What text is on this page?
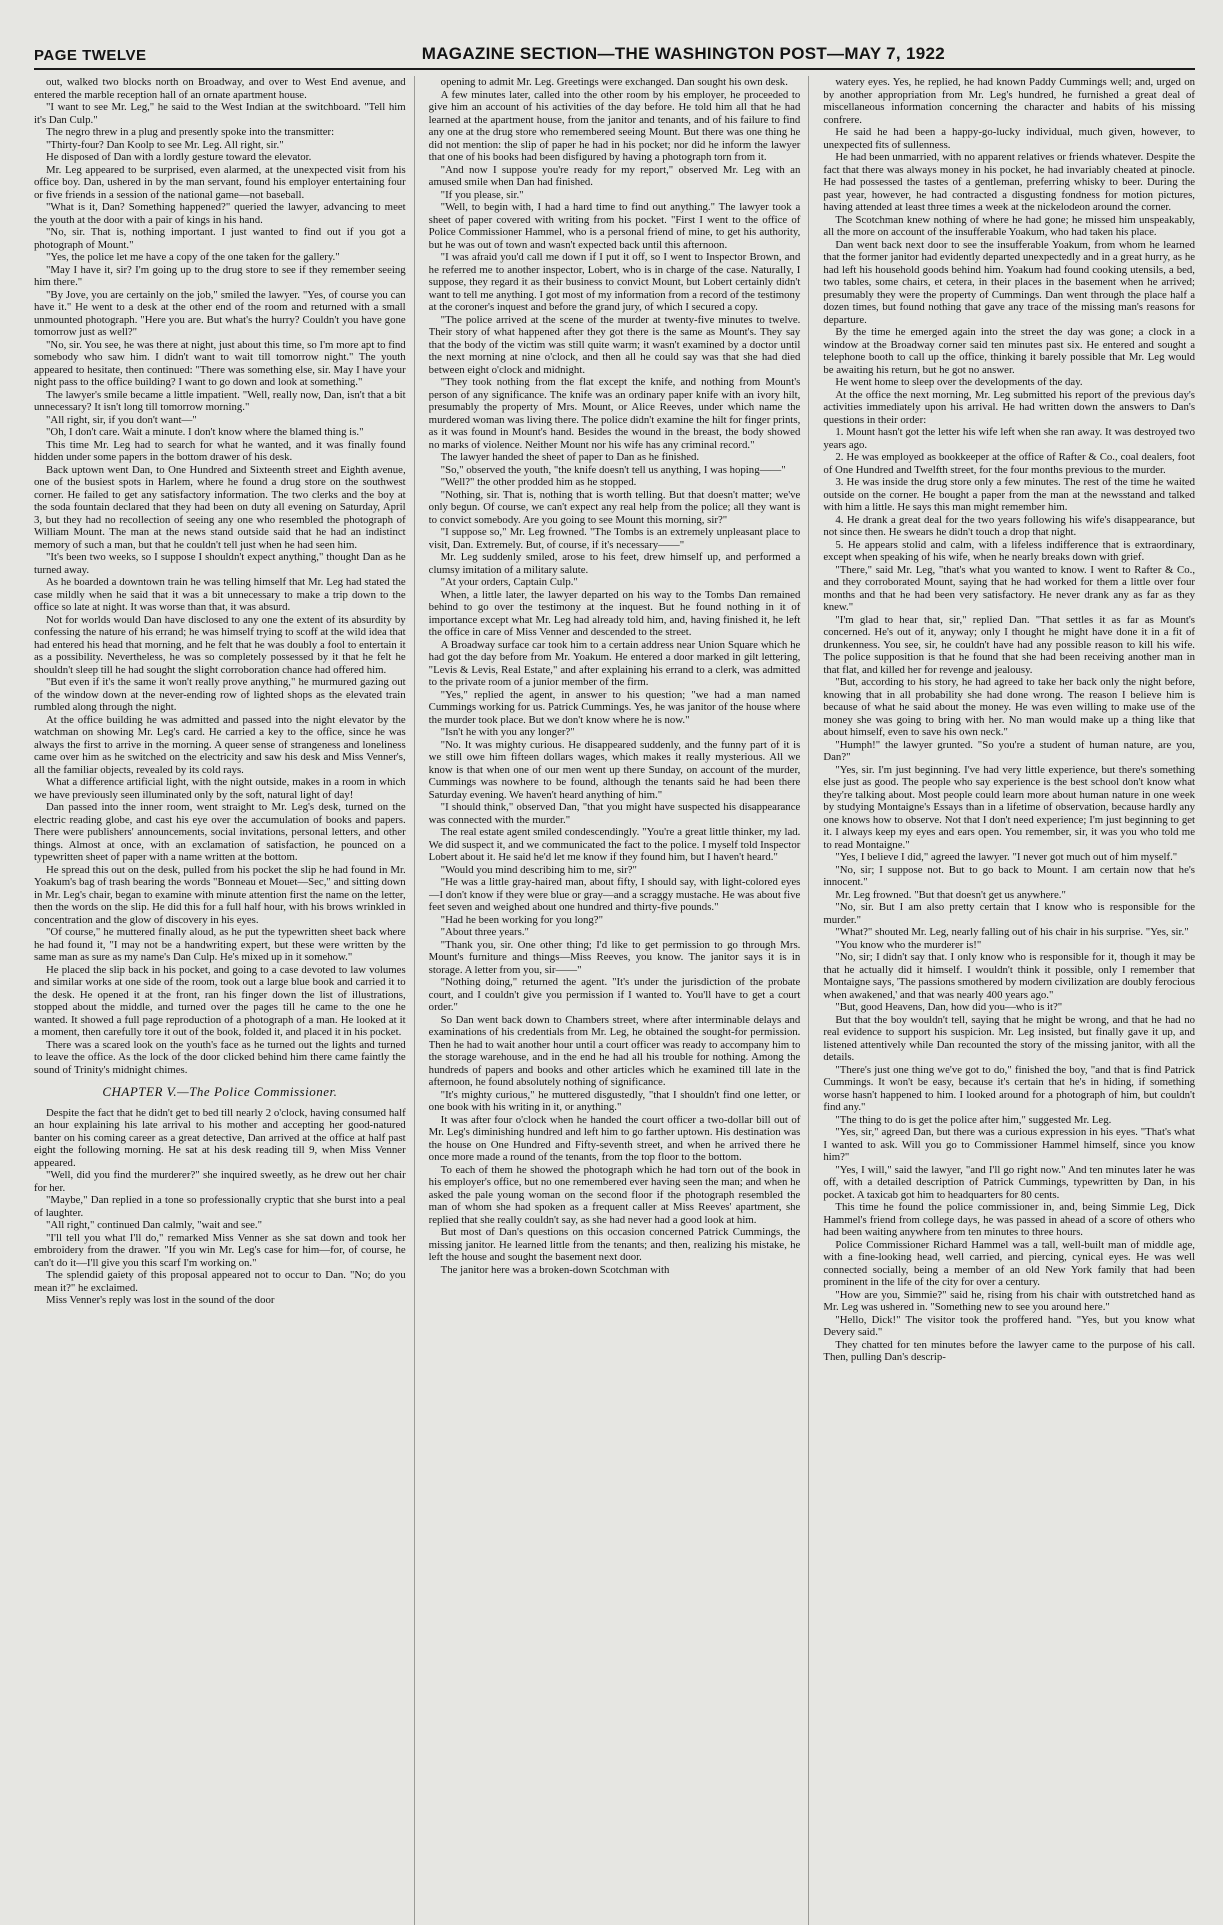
PAGE TWELVE	MAGAZINE SECTION—THE WASHINGTON POST—MAY 7, 1922

out, walked two blocks north on Broadway, and over to West End avenue, and entered the marble reception hall of an ornate apartment house.

"I want to see Mr. Leg," he said to the West Indian at the switchboard. "Tell him it's Dan Culp."

The negro threw in a plug and presently spoke into the transmitter:

"Thirty-four? Dan Koolp to see Mr. Leg. All right, sir."

He disposed of Dan with a lordly gesture toward the elevator.

Mr. Leg appeared to be surprised, even alarmed, at the unexpected visit from his office boy. Dan, ushered in by the man servant, found his employer entertaining four or five friends in a session of the national game—not baseball.

"What is it, Dan? Something happened?" queried the lawyer, advancing to meet the youth at the door with a pair of kings in his hand.

"No, sir. That is, nothing important. I just wanted to find out if you got a photograph of Mount."

"Yes, the police let me have a copy of the one taken for the gallery."

"May I have it, sir? I'm going up to the drug store to see if they remember seeing him there."

"By Jove, you are certainly on the job," smiled the lawyer. "Yes, of course you can have it." He went to a desk at the other end of the room and returned with a small unmounted photograph. "Here you are. But what's the hurry? Couldn't you have gone tomorrow just as well?"

"No, sir. You see, he was there at night, just about this time, so I'm more apt to find somebody who saw him. I didn't want to wait till tomorrow night." The youth appeared to hesitate, then continued: "There was something else, sir. May I have your night pass to the office building? I want to go down and look at something."

The lawyer's smile became a little impatient. "Well, really now, Dan, isn't that a bit unnecessary? It isn't long till tomorrow morning."

"All right, sir, if you don't want—"

"Oh, I don't care. Wait a minute. I don't know where the blamed thing is."

This time Mr. Leg had to search for what he wanted, and it was finally found hidden under some papers in the bottom drawer of his desk.

Back uptown went Dan, to One Hundred and Sixteenth street and Eighth avenue, one of the busiest spots in Harlem, where he found a drug store on the southwest corner. He failed to get any satisfactory information. The two clerks and the boy at the soda fountain declared that they had been on duty all evening on Saturday, April 3, but they had no recollection of seeing any one who resembled the photograph of William Mount. The man at the news stand outside said that he had an indistinct memory of such a man, but that he couldn't tell just when he had seen him.

"It's been two weeks, so I suppose I shouldn't expect anything," thought Dan as he turned away.

As he boarded a downtown train he was telling himself that Mr. Leg had stated the case mildly when he said that it was a bit unnecessary to make a trip down to the office so late at night. It was worse than that, it was absurd.

Not for worlds would Dan have disclosed to any one the extent of its absurdity by confessing the nature of his errand; he was himself trying to scoff at the wild idea that had entered his head that morning, and he felt that he was doubly a fool to entertain it as a possibility. Nevertheless, he was so completely possessed by it that he felt he shouldn't sleep till he had sought the slight corroboration chance had offered him.

"But even if it's the same it won't really prove anything," he murmured gazing out of the window down at the never-ending row of lighted shops as the elevated train rumbled along through the night.

At the office building he was admitted and passed into the night elevator by the watchman on showing Mr. Leg's card. He carried a key to the office, since he was always the first to arrive in the morning. A queer sense of strangeness and loneliness came over him as he switched on the electricity and saw his desk and Miss Venner's, all the familiar objects, revealed by its cold rays.

What a difference artificial light, with the night outside, makes in a room in which we have previously seen illuminated only by the soft, natural light of day!

Dan passed into the inner room, went straight to Mr. Leg's desk, turned on the electric reading globe, and cast his eye over the accumulation of books and papers. There were publishers' announcements, social invitations, personal letters, and other things. Almost at once, with an exclamation of satisfaction, he pounced on a typewritten sheet of paper with a name written at the bottom.

He spread this out on the desk, pulled from his pocket the slip he had found in Mr. Yoakum's bag of trash bearing the words "Bonneau et Mouet—Sec," and sitting down in Mr. Leg's chair, began to examine with minute attention first the name on the letter, then the words on the slip. He did this for a full half hour, with his brows wrinkled in concentration and the glow of discovery in his eyes.

"Of course," he muttered finally aloud, as he put the typewritten sheet back where he had found it, "I may not be a handwriting expert, but these were written by the same man as sure as my name's Dan Culp. He's mixed up in it somehow."

He placed the slip back in his pocket, and going to a case devoted to law volumes and similar works at one side of the room, took out a large blue book and carried it to the desk. He opened it at the front, ran his finger down the list of illustrations, stopped about the middle, and turned over the pages till he came to the one he wanted. It showed a full page reproduction of a photograph of a man. He looked at it a moment, then carefully tore it out of the book, folded it, and placed it in his pocket.

There was a scared look on the youth's face as he turned out the lights and turned to leave the office. As the lock of the door clicked behind him there came faintly the sound of Trinity's midnight chimes.

CHAPTER V.—The Police Commissioner.

Despite the fact that he didn't get to bed till nearly 2 o'clock, having consumed half an hour explaining his late arrival to his mother and accepting her good-natured banter on his coming career as a great detective, Dan arrived at the office at half past eight the following morning. He sat at his desk reading till 9, when Miss Venner appeared.

"Well, did you find the murderer?" she inquired sweetly, as he drew out her chair for her.

"Maybe," Dan replied in a tone so professionally cryptic that she burst into a peal of laughter.

"All right," continued Dan calmly, "wait and see."

"I'll tell you what I'll do," remarked Miss Venner as she sat down and took her embroidery from the drawer. "If you win Mr. Leg's case for him—for, of course, he can't do it—I'll give you this scarf I'm working on."

The splendid gaiety of this proposal appeared not to occur to Dan. "No; do you mean it?" he exclaimed.

Miss Venner's reply was lost in the sound of the door

opening to admit Mr. Leg. Greetings were exchanged. Dan sought his own desk.

A few minutes later, called into the other room by his employer, he proceeded to give him an account of his activities of the day before. He told him all that he had learned at the apartment house, from the janitor and tenants, and of his failure to find any one at the drug store who remembered seeing Mount. But there was one thing he did not mention: the slip of paper he had in his pocket; nor did he inform the lawyer that one of his books had been disfigured by having a photograph torn from it.

"And now I suppose you're ready for my report," observed Mr. Leg with an amused smile when Dan had finished.

"If you please, sir."

"Well, to begin with, I had a hard time to find out anything." The lawyer took a sheet of paper covered with writing from his pocket. "First I went to the office of Police Commissioner Hammel, who is a personal friend of mine, to get his authority, but he was out of town and wasn't expected back until this afternoon.

"I was afraid you'd call me down if I put it off, so I went to Inspector Brown, and he referred me to another inspector, Lobert, who is in charge of the case. Naturally, I suppose, they regard it as their business to convict Mount, but Lobert certainly didn't want to tell me anything. I got most of my information from a record of the testimony at the coroner's inquest and before the grand jury, of which I secured a copy.

"The police arrived at the scene of the murder at twenty-five minutes to twelve. Their story of what happened after they got there is the same as Mount's. They say that the body of the victim was still quite warm; it wasn't examined by a doctor until the next morning at nine o'clock, and then all he could say was that she had died between eight o'clock and midnight.

"They took nothing from the flat except the knife, and nothing from Mount's person of any significance. The knife was an ordinary paper knife with an ivory hilt, presumably the property of Mrs. Mount, or Alice Reeves, under which name the murdered woman was living there. The police didn't examine the hilt for finger prints, as it was found in Mount's hand. Besides the wound in the breast, the body showed no marks of violence. Neither Mount nor his wife has any criminal record."

The lawyer handed the sheet of paper to Dan as he finished.

"So," observed the youth, "the knife doesn't tell us anything, I was hoping——"

"Well?" the other prodded him as he stopped.

"Nothing, sir. That is, nothing that is worth telling. But that doesn't matter; we've only begun. Of course, we can't expect any real help from the police; all they want is to convict somebody. Are you going to see Mount this morning, sir?"

"I suppose so," Mr. Leg frowned. "The Tombs is an extremely unpleasant place to visit, Dan. Extremely. But, of course, if it's necessary——"

Mr. Leg suddenly smiled, arose to his feet, drew himself up, and performed a clumsy imitation of a military salute.

"At your orders, Captain Culp."

When, a little later, the lawyer departed on his way to the Tombs Dan remained behind to go over the testimony at the inquest. But he found nothing in it of importance except what Mr. Leg had already told him, and, having finished it, he left the office in care of Miss Venner and descended to the street.

A Broadway surface car took him to a certain address near Union Square which he had got the day before from Mr. Yoakum. He entered a door marked in gilt lettering, "Levis & Levis, Real Estate," and after explaining his errand to a clerk, was admitted to the private room of a junior member of the firm.

"Yes," replied the agent, in answer to his question; "we had a man named Cummings working for us. Patrick Cummings. Yes, he was janitor of the house where the murder took place. But we don't know where he is now."

"Isn't he with you any longer?"

"No. It was mighty curious. He disappeared suddenly, and the funny part of it is we still owe him fifteen dollars wages, which makes it really mysterious. All we know is that when one of our men went up there Sunday, on account of the murder, Cummings was nowhere to be found, although the tenants said he had been there Saturday evening. We haven't heard anything of him."

"I should think," observed Dan, "that you might have suspected his disappearance was connected with the murder."

The real estate agent smiled condescendingly. "You're a great little thinker, my lad. We did suspect it, and we communicated the fact to the police. I myself told Inspector Lobert about it. He said he'd let me know if they found him, but I haven't heard."

"Would you mind describing him to me, sir?"

"He was a little gray-haired man, about fifty, I should say, with light-colored eyes—I don't know if they were blue or gray—and a scraggy mustache. He was about five feet seven and weighed about one hundred and thirty-five pounds."

"Had he been working for you long?"

"About three years."

"Thank you, sir. One other thing; I'd like to get permission to go through Mrs. Mount's furniture and things—Miss Reeves, you know. The janitor says it is in storage. A letter from you, sir——"

"Nothing doing," returned the agent. "It's under the jurisdiction of the probate court, and I couldn't give you permission if I wanted to. You'll have to get a court order."

So Dan went back down to Chambers street, where after interminable delays and examinations of his credentials from Mr. Leg, he obtained the sought-for permission. Then he had to wait another hour until a court officer was ready to accompany him to the storage warehouse, and in the end he had all his trouble for nothing. Among the hundreds of papers and books and other articles which he examined till late in the afternoon, he found absolutely nothing of significance.

"It's mighty curious," he muttered disgustedly, "that I shouldn't find one letter, or one book with his writing in it, or anything."

It was after four o'clock when he handed the court officer a two-dollar bill out of Mr. Leg's diminishing hundred and left him to go farther uptown. His destination was the house on One Hundred and Fifty-seventh street, and when he arrived there he once more made a round of the tenants, from the top floor to the bottom.

To each of them he showed the photograph which he had torn out of the book in his employer's office, but no one remembered ever having seen the man; and when he asked the pale young woman on the second floor if the photograph resembled the man of whom she had spoken as a frequent caller at Miss Reeves' apartment, she replied that she really couldn't say, as she had never had a good look at him.

But most of Dan's questions on this occasion concerned Patrick Cummings, the missing janitor. He learned little from the tenants; and then, realizing his mistake, he left the house and sought the basement next door.

The janitor here was a broken-down Scotchman with

watery eyes. Yes, he replied, he had known Paddy Cummings well; and, urged on by another appropriation from Mr. Leg's hundred, he furnished a great deal of miscellaneous information concerning the character and habits of his missing confrere.

He said he had been a happy-go-lucky individual, much given, however, to unexpected fits of sullenness.

He had been unmarried, with no apparent relatives or friends whatever. Despite the fact that there was always money in his pocket, he had invariably cheated at pinocle. He had possessed the tastes of a gentleman, preferring whisky to beer. During the past year, however, he had contracted a disgusting fondness for motion pictures, having attended at least three times a week at the nickelodeon around the corner.

The Scotchman knew nothing of where he had gone; he missed him unspeakably, all the more on account of the insufferable Yoakum, who had taken his place.

Dan went back next door to see the insufferable Yoakum, from whom he learned that the former janitor had evidently departed unexpectedly and in a great hurry, as he had left his household goods behind him. Yoakum had found cooking utensils, a bed, two tables, some chairs, et cetera, in their places in the basement when he arrived; presumably they were the property of Cummings. Dan went through the place half a dozen times, but found nothing that gave any trace of the missing man's reasons for departure.

By the time he emerged again into the street the day was gone; a clock in a window at the Broadway corner said ten minutes past six. He entered and sought a telephone booth to call up the office, thinking it barely possible that Mr. Leg would be awaiting his return, but he got no answer.

He went home to sleep over the developments of the day.

At the office the next morning, Mr. Leg submitted his report of the previous day's activities immediately upon his arrival. He had written down the answers to Dan's questions in their order:

1. Mount hasn't got the letter his wife left when she ran away. It was destroyed two years ago.

2. He was employed as bookkeeper at the office of Rafter & Co., coal dealers, foot of One Hundred and Twelfth street, for the four months previous to the murder.

3. He was inside the drug store only a few minutes. The rest of the time he waited outside on the corner. He bought a paper from the man at the newsstand and talked with him a little. He says this man might remember him.

4. He drank a great deal for the two years following his wife's disappearance, but not since then. He swears he didn't touch a drop that night.

5. He appears stolid and calm, with a lifeless indifference that is extraordinary, except when speaking of his wife, when he nearly breaks down with grief.

"There," said Mr. Leg, "that's what you wanted to know. I went to Rafter & Co., and they corroborated Mount, saying that he had worked for them a little over four months and that he had been very satisfactory. He never drank any as far as they knew."

"I'm glad to hear that, sir," replied Dan. "That settles it as far as Mount's concerned. He's out of it, anyway; only I thought he might have done it in a fit of drunkenness. You see, sir, he couldn't have had any possible reason to kill his wife. The police supposition is that he found that she had been receiving another man in that flat, and killed her for revenge and jealousy.

"But, according to his story, he had agreed to take her back only the night before, knowing that in all probability she had done wrong. The reason I believe him is because of what he said about the money. He was even willing to make use of the money she was going to bring with her. No man would make up a thing like that about himself, even to save his own neck."

"Humph!" the lawyer grunted. "So you're a student of human nature, are you, Dan?"

"Yes, sir. I'm just beginning. I've had very little experience, but there's something else just as good. The people who say experience is the best school don't know what they're talking about. Most people could learn more about human nature in one week by studying Montaigne's Essays than in a lifetime of observation, because hardly any one knows how to observe. Not that I don't need experience; I'm just beginning to get it. I always keep my eyes and ears open. You remember, sir, it was you who told me to read Montaigne."

"Yes, I believe I did," agreed the lawyer. "I never got much out of him myself."

"No, sir; I suppose not. But to go back to Mount. I am certain now that he's innocent."

Mr. Leg frowned. "But that doesn't get us anywhere."

"No, sir. But I am also pretty certain that I know who is responsible for the murder."

"What?" shouted Mr. Leg, nearly falling out of his chair in his surprise. "Yes, sir."

"You know who the murderer is!"

"No, sir; I didn't say that. I only know who is responsible for it, though it may be that he actually did it himself. I wouldn't think it possible, only I remember that Montaigne says, 'The passions smothered by modern civilization are doubly ferocious when awakened,' and that was nearly 400 years ago."

"But, good Heavens, Dan, how did you—who is it?"

But that the boy wouldn't tell, saying that he might be wrong, and that he had no real evidence to support his suspicion. Mr. Leg insisted, but finally gave it up, and listened attentively while Dan recounted the story of the missing janitor, with all the details.

"There's just one thing we've got to do," finished the boy, "and that is find Patrick Cummings. It won't be easy, because it's certain that he's in hiding, if something worse hasn't happened to him. I looked around for a photograph of him, but couldn't find any."

"The thing to do is get the police after him," suggested Mr. Leg.

"Yes, sir," agreed Dan, but there was a curious expression in his eyes. "That's what I wanted to ask. Will you go to Commissioner Hammel himself, since you know him?"

"Yes, I will," said the lawyer, "and I'll go right now." And ten minutes later he was off, with a detailed description of Patrick Cummings, typewritten by Dan, in his pocket. A taxicab got him to headquarters for 80 cents.

This time he found the police commissioner in, and, being Simmie Leg, Dick Hammel's friend from college days, he was passed in ahead of a score of others who had been waiting anywhere from ten minutes to three hours.

Police Commissioner Richard Hammel was a tall, well-built man of middle age, with a fine-looking head, well carried, and piercing, cynical eyes. He was well connected socially, being a member of an old New York family that had been prominent in the life of the city for over a century.

"How are you, Simmie?" said he, rising from his chair with outstretched hand as Mr. Leg was ushered in. "Something new to see you around here."

"Hello, Dick!" The visitor took the proffered hand. "Yes, but you know what Devery said."

They chatted for ten minutes before the lawyer came to the purpose of his call. Then, pulling Dan's descrip-
